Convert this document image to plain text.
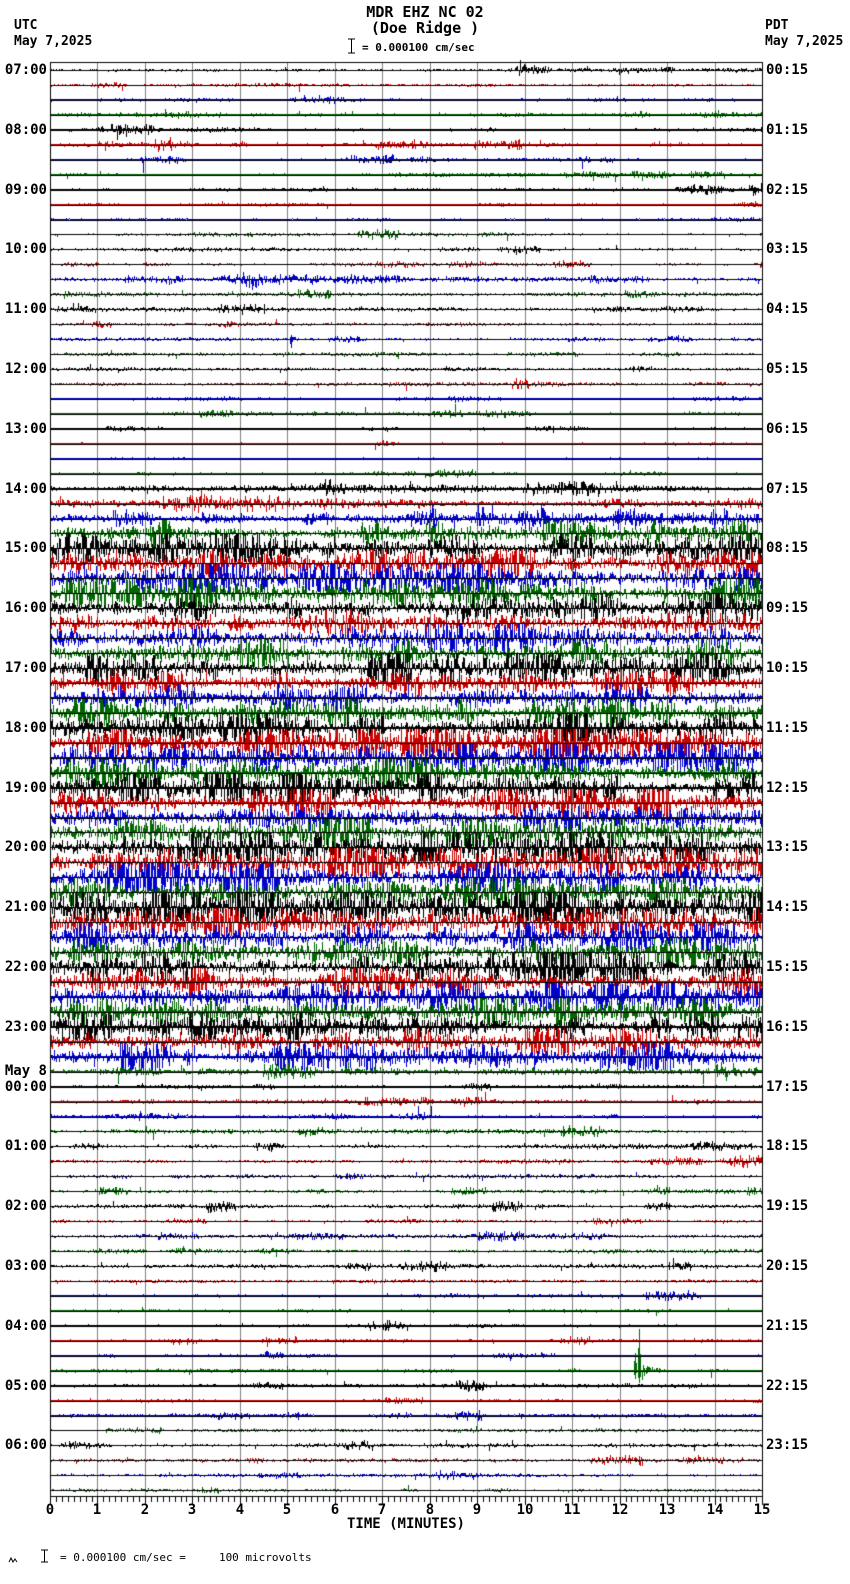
UTC
May 7,2025
PDT
May 7,2025
MDR EHZ NC 02
(Doe Ridge )
= 0.000100 cm/sec
07:00
08:00
09:00
10:00
11:00
12:00
13:00
14:00
15:00
16:00
17:00
18:00
19:00
20:00
21:00
22:00
23:00
May 8
00:00
01:00
02:00
03:00
04:00
05:00
06:00
00:15
01:15
02:15
03:15
04:15
05:15
06:15
07:15
08:15
09:15
10:15
11:15
12:15
13:15
14:15
15:15
16:15
17:15
18:15
19:15
20:15
21:15
22:15
23:15
0	1	2	3	4	5	6	7	8	9	10	11	12	13	14	15
TIME (MINUTES)
= 0.000100 cm/sec =     100 microvolts
